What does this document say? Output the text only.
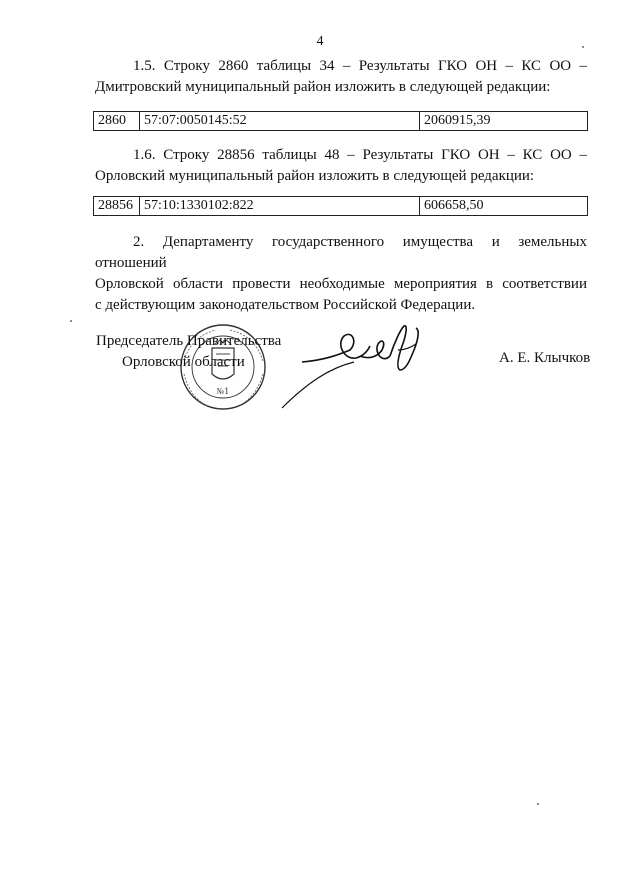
4
1.5. Строку 2860 таблицы 34 – Результаты ГКО ОН – КС ОО –
Дмитровский муниципальный район изложить в следующей редакции:
2860	57:07:0050145:52	2060915,39
1.6. Строку 28856 таблицы 48 – Результаты ГКО ОН – КС ОО –
Орловский муниципальный район изложить в следующей редакции:
28856	57:10:1330102:822	606658,50
2. Департаменту государственного имущества и земельных отношений
Орловской области провести необходимые мероприятия в соответствии
с действующим законодательством Российской Федерации.
№1
Председатель Правительства
Орловской области	А. Е. Клычков
